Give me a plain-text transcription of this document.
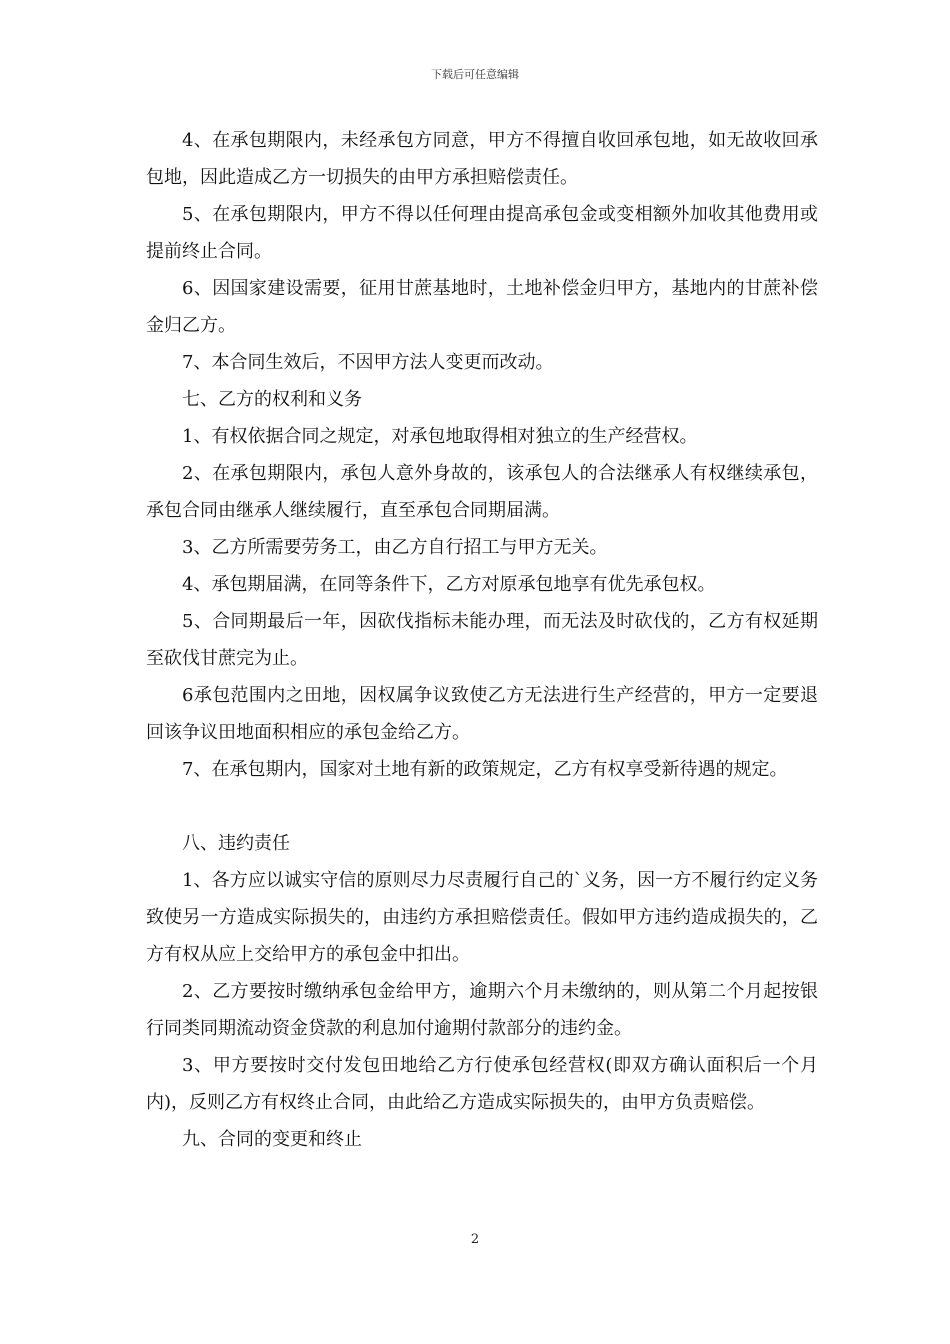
下载后可任意编辑

4、在承包期限内，未经承包方同意，甲方不得擅自收回承包地，如无故收回承包地，因此造成乙方一切损失的由甲方承担赔偿责任。

5、在承包期限内，甲方不得以任何理由提高承包金或变相额外加收其他费用或提前终止合同。

6、因国家建设需要，征用甘蔗基地时，土地补偿金归甲方，基地内的甘蔗补偿金归乙方。

7、本合同生效后，不因甲方法人变更而改动。

七、乙方的权利和义务

1、有权依据合同之规定，对承包地取得相对独立的生产经营权。

2、在承包期限内，承包人意外身故的，该承包人的合法继承人有权继续承包，承包合同由继承人继续履行，直至承包合同期届满。

3、乙方所需要劳务工，由乙方自行招工与甲方无关。

4、承包期届满，在同等条件下，乙方对原承包地享有优先承包权。

5、合同期最后一年，因砍伐指标未能办理，而无法及时砍伐的，乙方有权延期至砍伐甘蔗完为止。

6承包范围内之田地，因权属争议致使乙方无法进行生产经营的，甲方一定要退回该争议田地面积相应的承包金给乙方。

7、在承包期内，国家对土地有新的政策规定，乙方有权享受新待遇的规定。

八、违约责任

1、各方应以诚实守信的原则尽力尽责履行自己的`义务，因一方不履行约定义务致使另一方造成实际损失的，由违约方承担赔偿责任。假如甲方违约造成损失的，乙方有权从应上交给甲方的承包金中扣出。

2、乙方要按时缴纳承包金给甲方，逾期六个月未缴纳的，则从第二个月起按银行同类同期流动资金贷款的利息加付逾期付款部分的违约金。

3、甲方要按时交付发包田地给乙方行使承包经营权(即双方确认面积后一个月内)，反则乙方有权终止合同，由此给乙方造成实际损失的，由甲方负责赔偿。

九、合同的变更和终止

2
